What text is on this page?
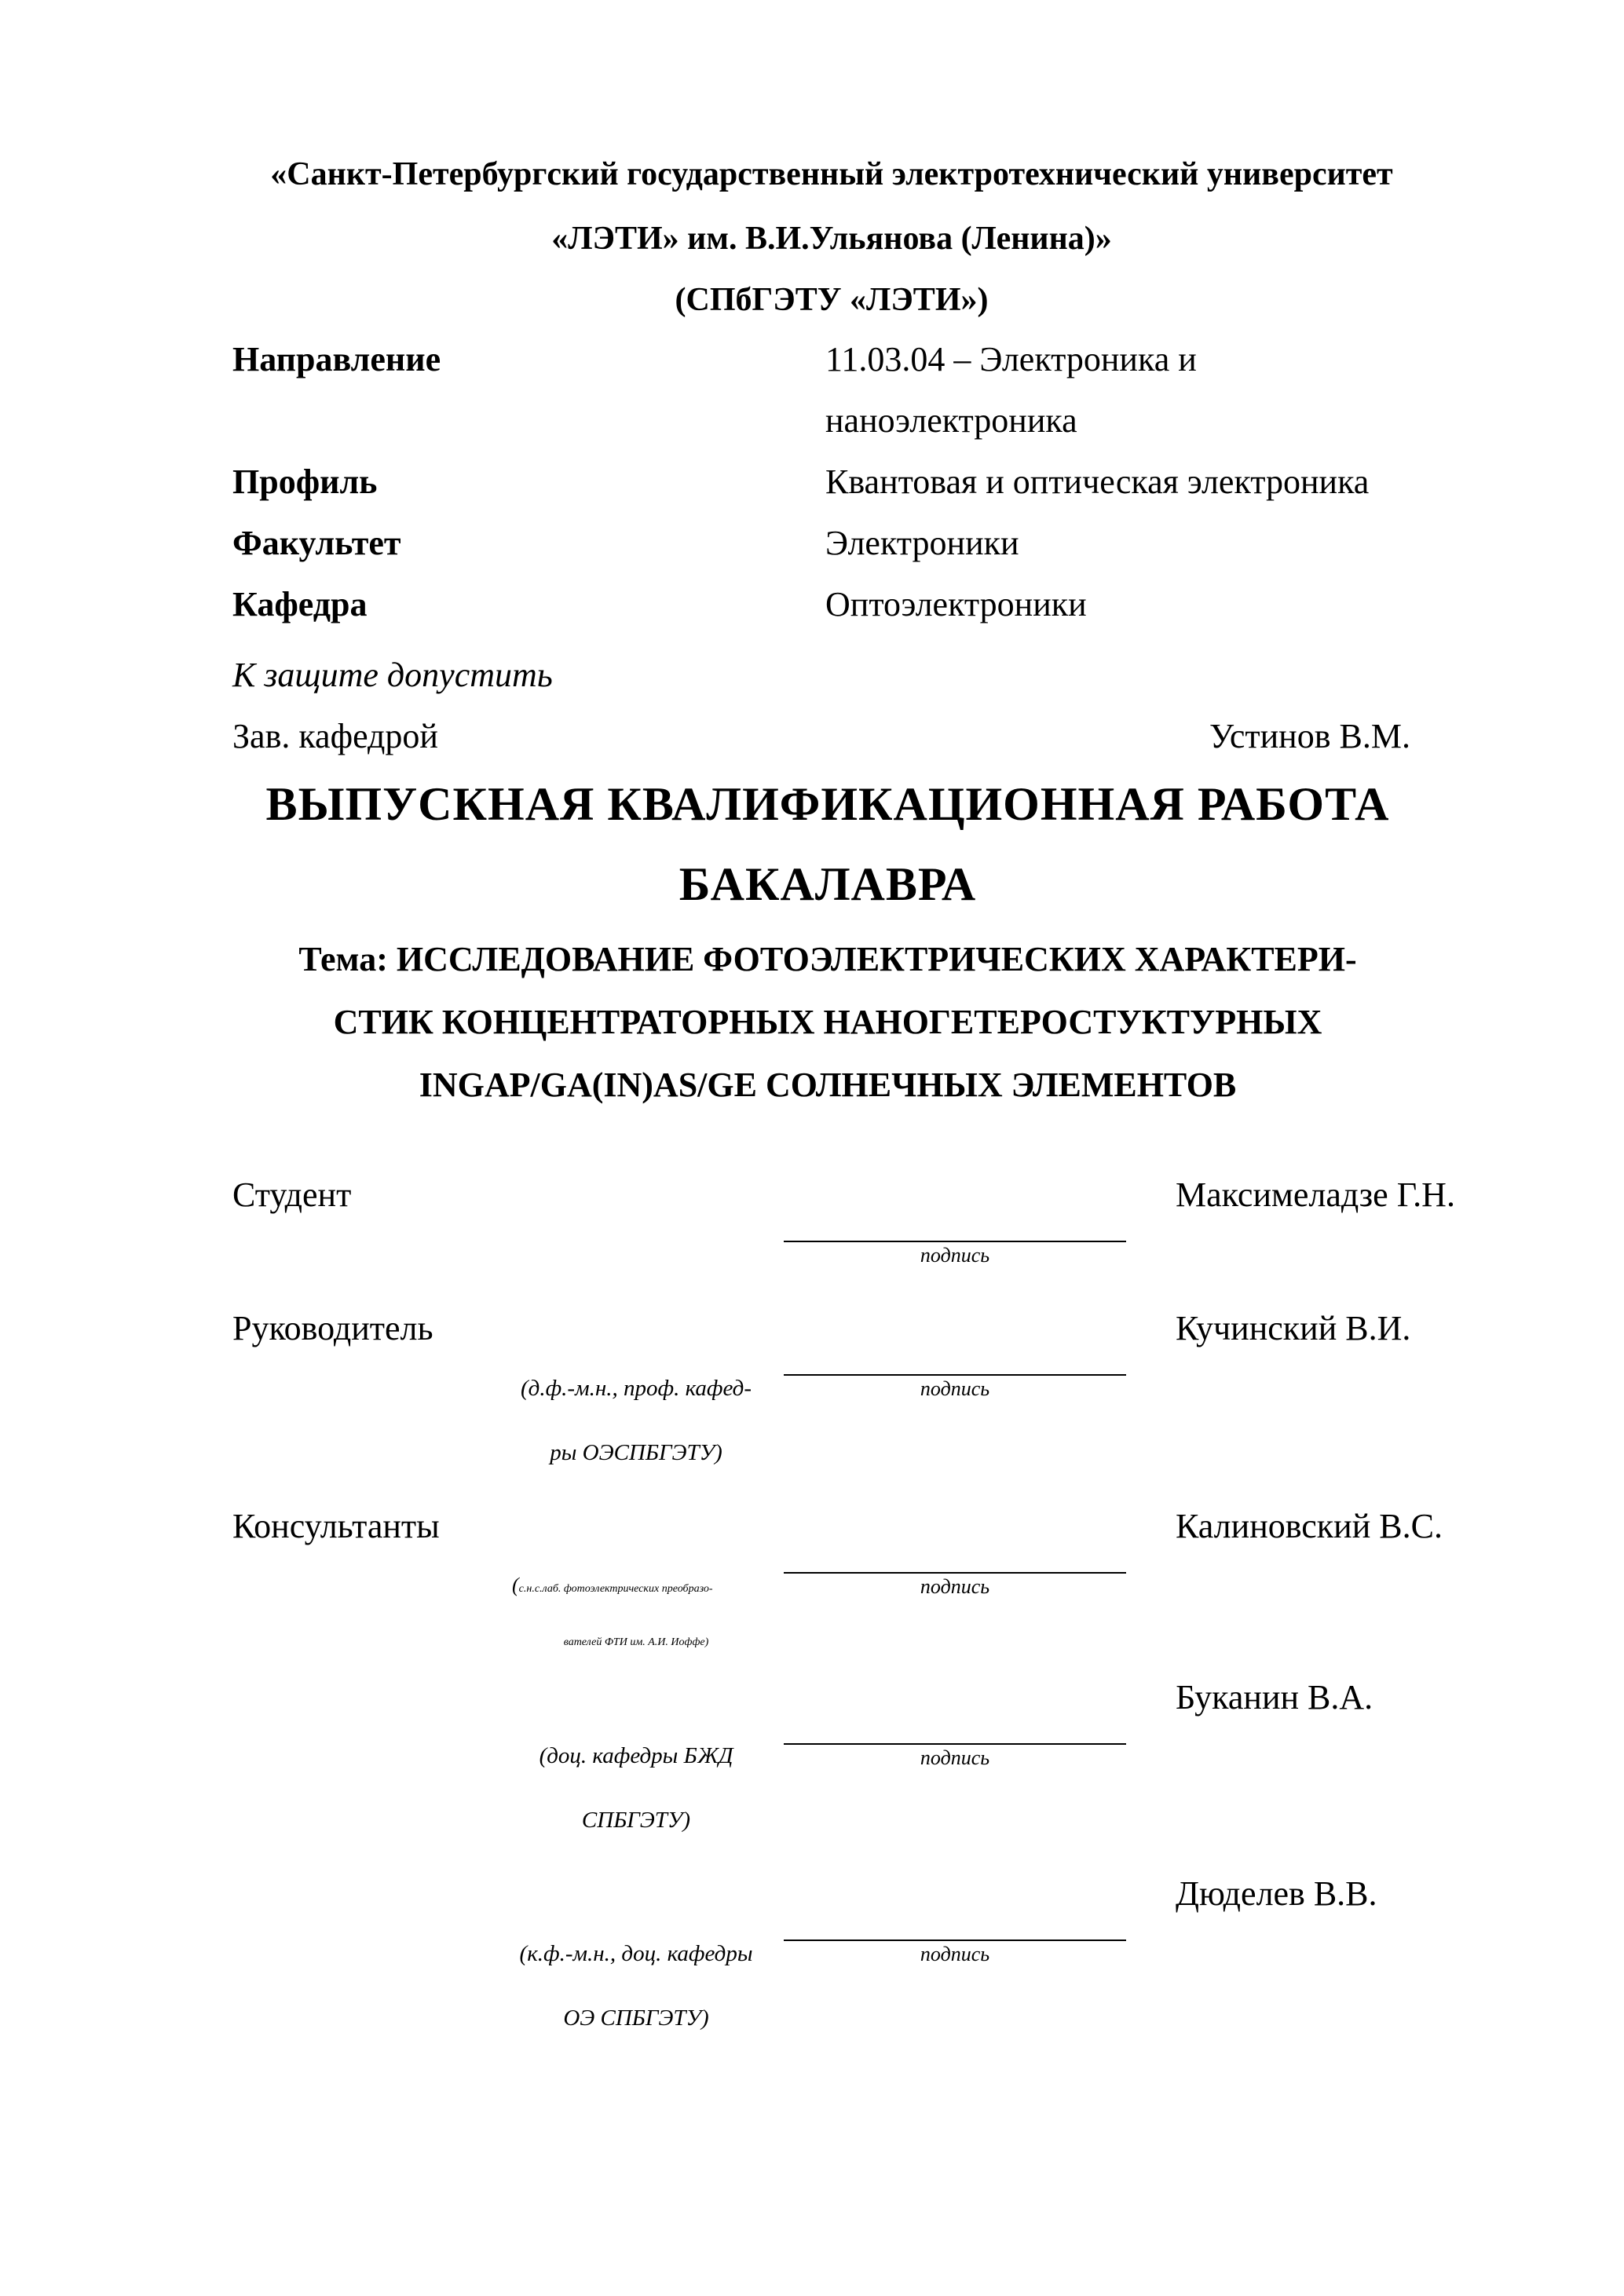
«Санкт-Петербургский государственный электротехнический университет
«ЛЭТИ» им. В.И.Ульянова (Ленина)»
(СПбГЭТУ «ЛЭТИ»)
Направление	11.03.04 – Электроника и
наноэлектроника
Профиль	Квантовая и оптическая электроника
Факультет	Электроники
Кафедра	Оптоэлектроники
К защите допустить
Зав. кафедрой	Устинов В.М.
ВЫПУСКНАЯ КВАЛИФИКАЦИОННАЯ РАБОТА
БАКАЛАВРА
Тема: ИССЛЕДОВАНИЕ ФОТОЭЛЕКТРИЧЕСКИХ ХАРАКТЕРИ-
СТИК КОНЦЕНТРАТОРНЫХ НАНОГЕТЕРОСТУКТУРНЫХ
INGAP/GA(IN)AS/GE СОЛНЕЧНЫХ ЭЛЕМЕНТОВ
Студент	Максимеладзе Г.Н.
подпись
Руководитель	Кучинский В.И.
подпись
(д.ф.-м.н., проф. кафед-
ры ОЭСПБГЭТУ)
Консультанты	Калиновский В.С.
подпись
(с.н.с.лаб. фотоэлектрических преобразо-
вателей ФТИ им. А.И. Иоффе)
Буканин В.А.
подпись
(доц. кафедры БЖД
СПБГЭТУ)
Дюделев В.В.
подпись
(к.ф.-м.н., доц. кафедры
ОЭ СПБГЭТУ)
